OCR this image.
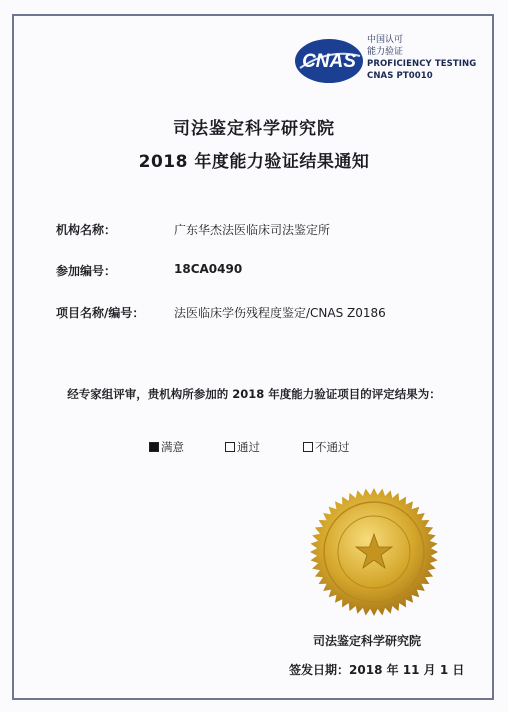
CNAS
中国认可
能力验证
PROFICIENCY TESTING
CNAS PT0010
司法鉴定科学研究院
2018 年度能力验证结果通知
机构名称：	广东华杰法医临床司法鉴定所
参加编号：	18CA0490
项目名称/编号： 法医临床学伤残程度鉴定/CNAS Z0186
经专家组评审，贵机构所参加的 2018 年度能力验证项目的评定结果为：
满意	通过	不通过
司法鉴定科学研究院
签发日期：2018 年 11 月 1 日
